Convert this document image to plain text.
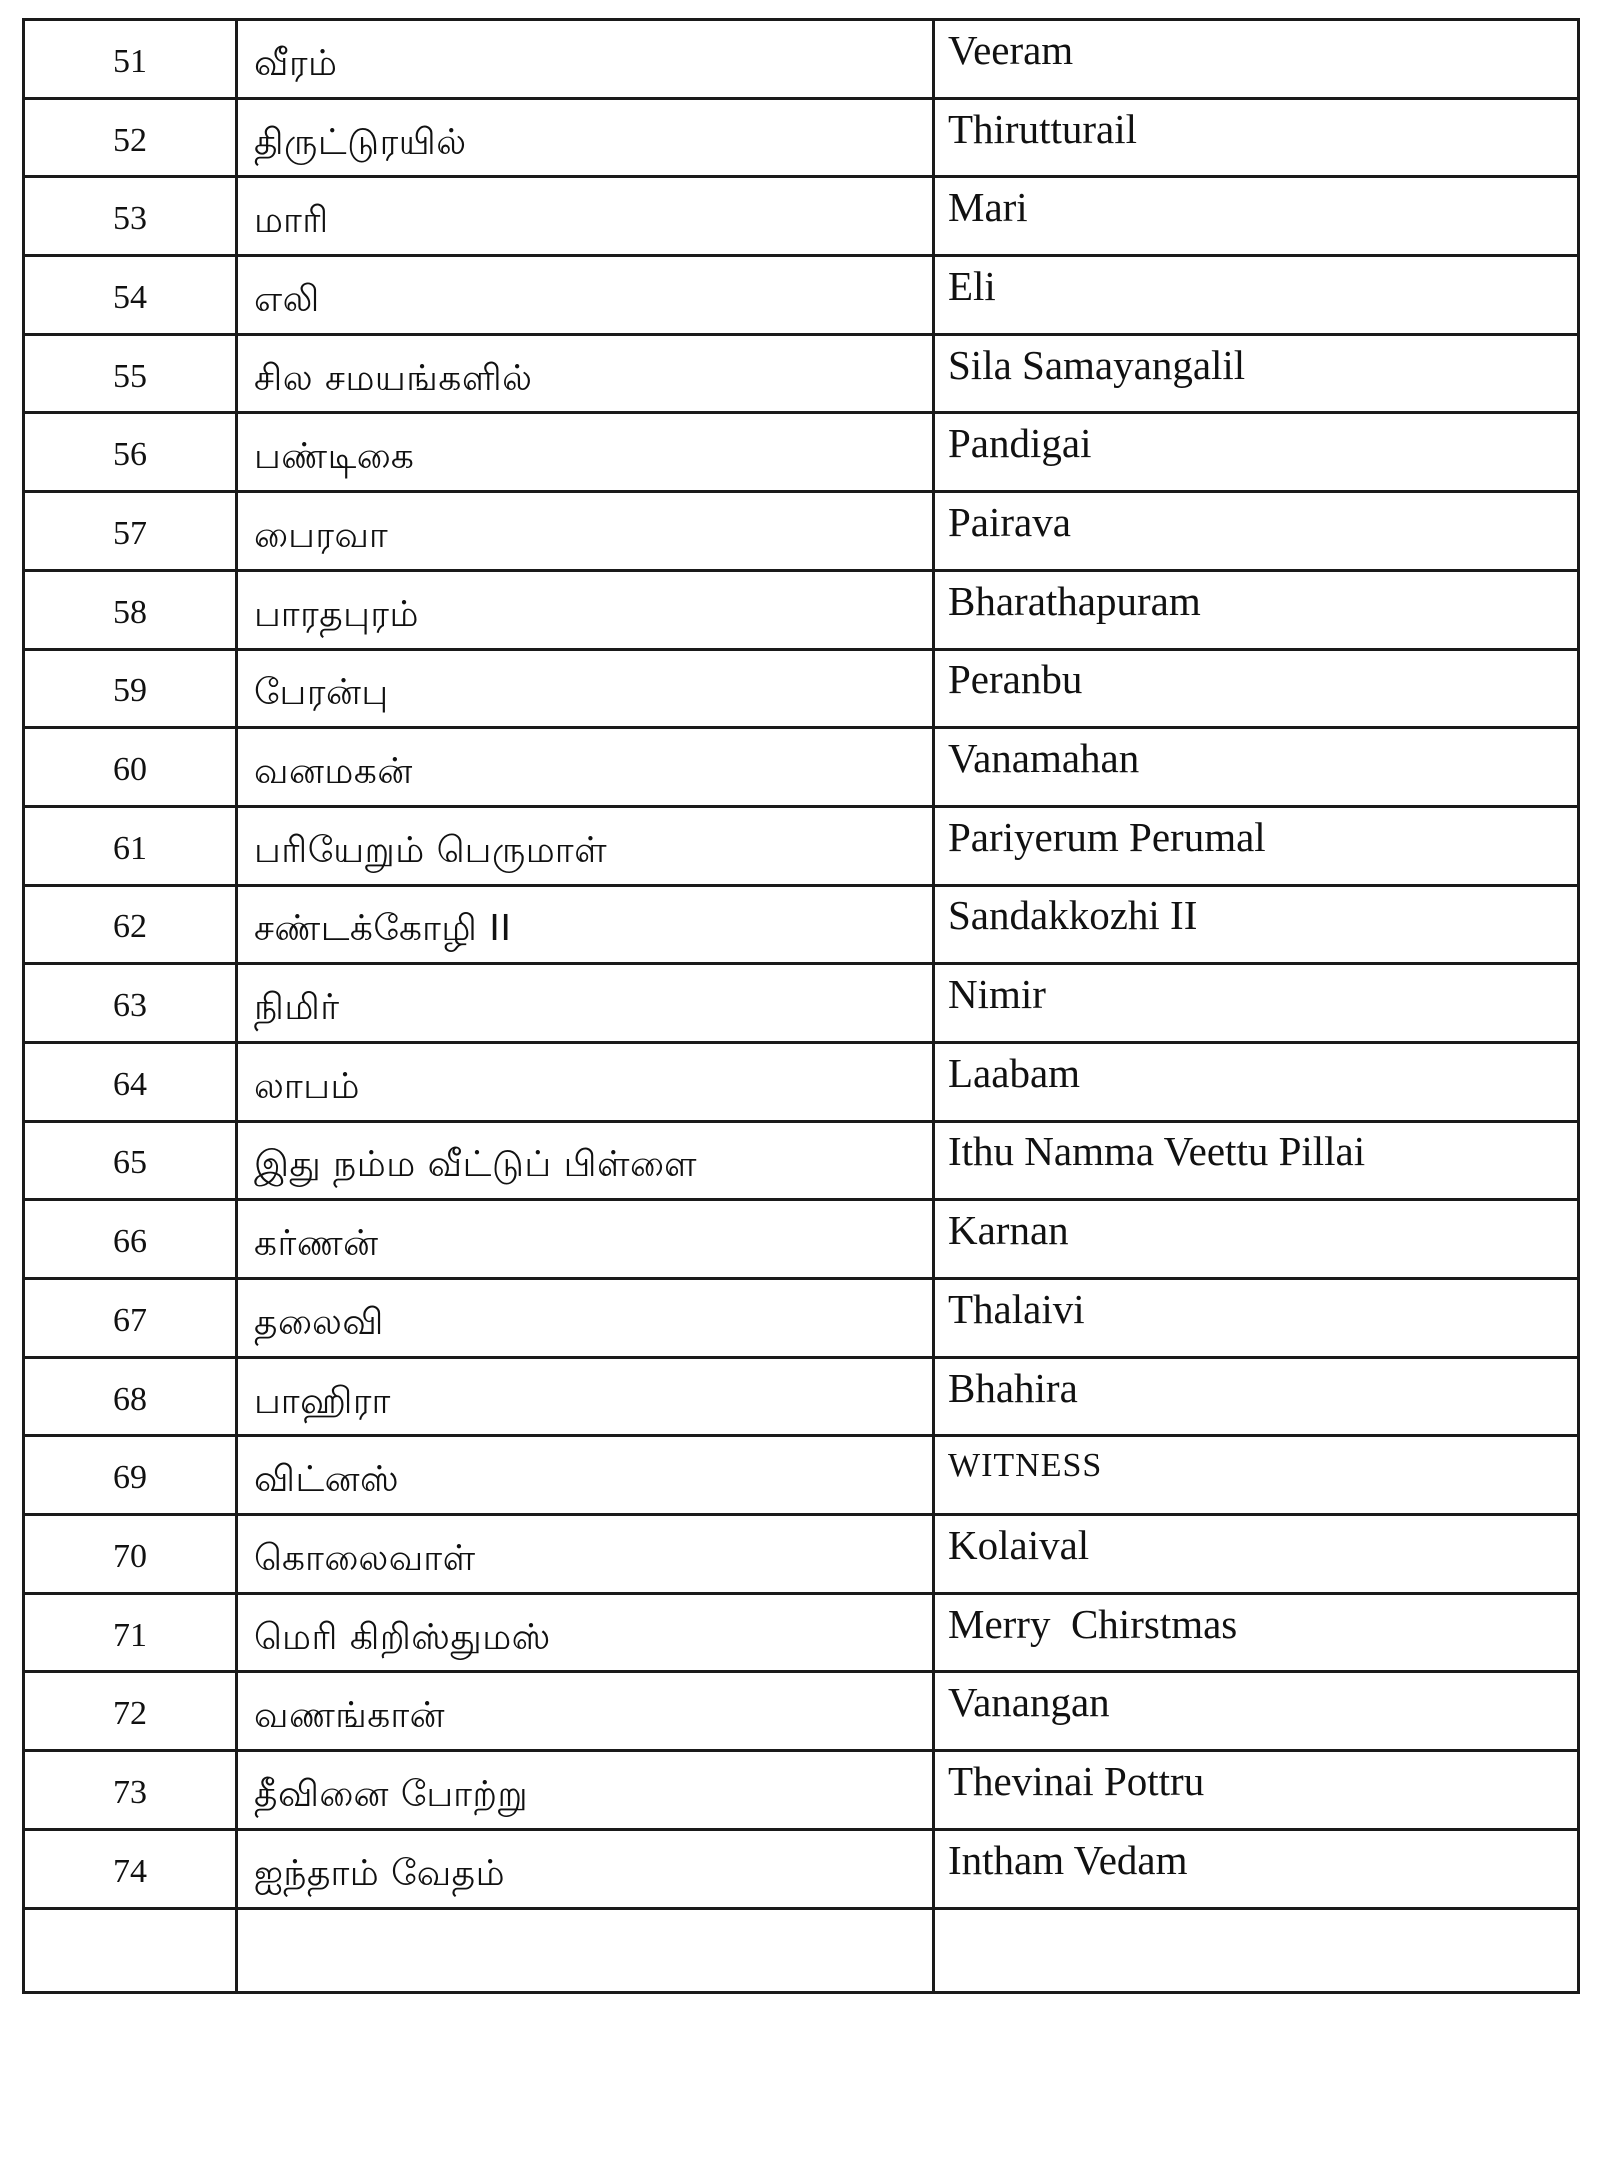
51	வீரம்	Veeram
52	திருட்டுரயில்	Thirutturail
53	மாரி	Mari
54	எலி	Eli
55	சில சமயங்களில்	Sila Samayangalil
56	பண்டிகை	Pandigai
57	பைரவா	Pairava
58	பாரதபுரம்	Bharathapuram
59	பேரன்பு	Peranbu
60	வனமகன்	Vanamahan
61	பரியேறும் பெருமாள்	Pariyerum Perumal
62	சண்டக்கோழி II	Sandakkozhi II
63	நிமிர்	Nimir
64	லாபம்	Laabam
65	இது நம்ம வீட்டுப் பிள்ளை	Ithu Namma Veettu Pillai
66	கர்ணன்	Karnan
67	தலைவி	Thalaivi
68	பாஹிரா	Bhahira
69	விட்னஸ்	WITNESS
70	கொலைவாள்	Kolaival
71	மெரி கிறிஸ்துமஸ்	Merry  Chirstmas
72	வணங்கான்	Vanangan
73	தீவினை போற்று	Thevinai Pottru
74	ஐந்தாம் வேதம்	Intham Vedam
